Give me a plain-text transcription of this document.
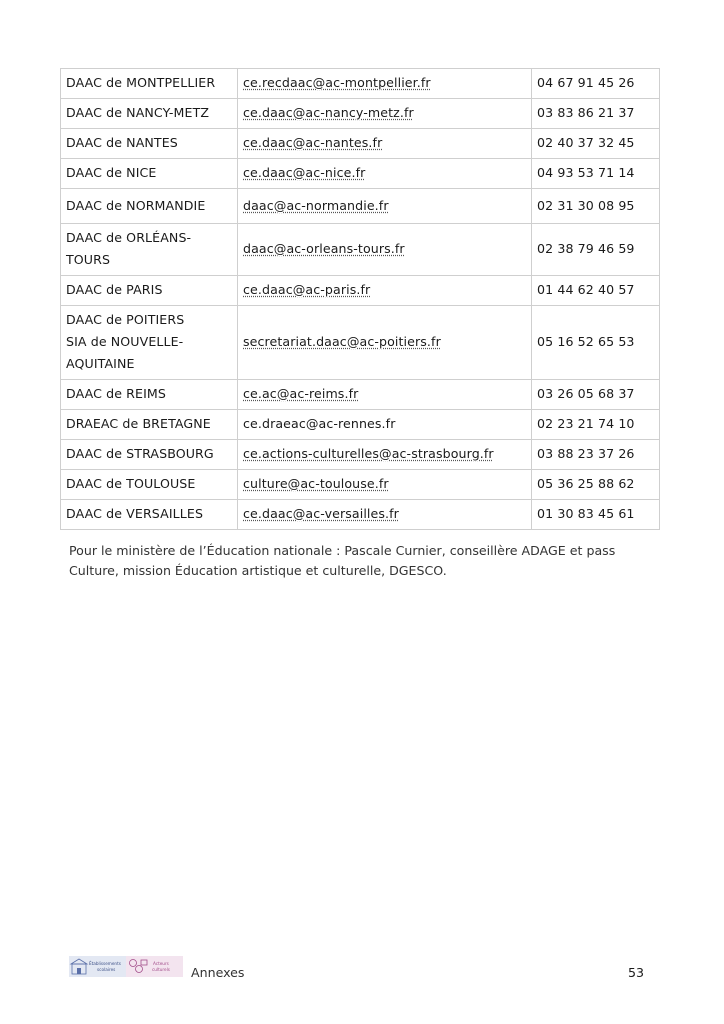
DAAC de MONTPELLIER	ce.recdaac@ac-montpellier.fr	04 67 91 45 26

DAAC de NANCY-METZ	ce.daac@ac-nancy-metz.fr	03 83 86 21 37

DAAC de NANTES	ce.daac@ac-nantes.fr	02 40 37 32 45

DAAC de NICE	ce.daac@ac-nice.fr	04 93 53 71 14

DAAC de NORMANDIE	daac@ac-normandie.fr	02 31 30 08 95

DAAC de ORLÉANS-
TOURS	daac@ac-orleans-tours.fr	02 38 79 46 59

DAAC de PARIS	ce.daac@ac-paris.fr	01 44 62 40 57

DAAC de POITIERS
SIA de NOUVELLE-
AQUITAINE	secretariat.daac@ac-poitiers.fr	05 16 52 65 53

DAAC de REIMS	ce.ac@ac-reims.fr	03 26 05 68 37

DRAEAC de BRETAGNE	ce.draeac@ac-rennes.fr	02 23 21 74 10

DAAC de STRASBOURG	ce.actions-culturelles@ac-strasbourg.fr	03 88 23 37 26

DAAC de TOULOUSE	culture@ac-toulouse.fr	05 36 25 88 62

DAAC de VERSAILLES	ce.daac@ac-versailles.fr	01 30 83 45 61

Pour le ministère de l’Éducation nationale : Pascale Curnier, conseillère ADAGE et pass Culture, mission Éducation artistique et culturelle, DGESCO.

Établissements
scolaires
Acteurs
culturels Annexes	53
